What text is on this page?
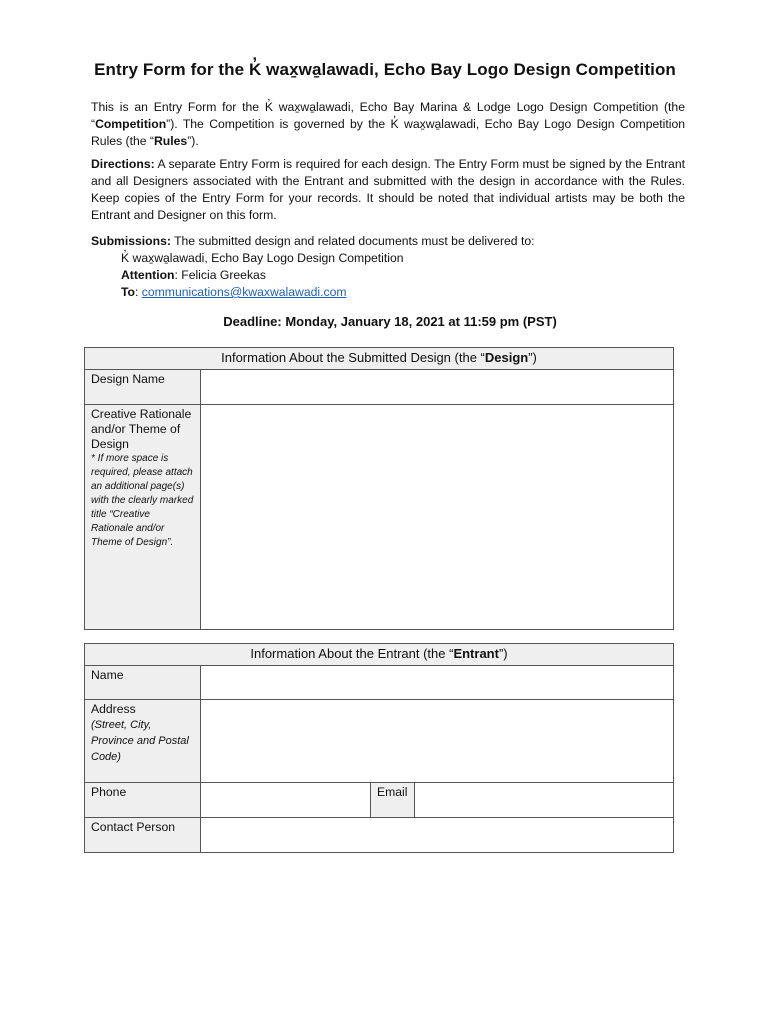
Entry Form for the K̓ wax̱wa̱lawadi, Echo Bay Logo Design Competition

This is an Entry Form for the K̓ wax̱wa̱lawadi, Echo Bay Marina & Lodge Logo Design Competition (the “Competition”). The Competition is governed by the K̓ wax̱wa̱lawadi, Echo Bay Logo Design Competition Rules (the “Rules”).

Directions: A separate Entry Form is required for each design. The Entry Form must be signed by the Entrant and all Designers associated with the Entrant and submitted with the design in accordance with the Rules. Keep copies of the Entry Form for your records. It should be noted that individual artists may be both the Entrant and Designer on this form.

Submissions: The submitted design and related documents must be delivered to:
K̓ wax̱wa̱lawadi, Echo Bay Logo Design Competition
Attention: Felicia Greekas
To: communications@kwaxwalawadi.com
Deadline: Monday, January 18, 2021 at 11:59 pm (PST)
Information About the Submitted Design (the “Design”)	
Design Name	

Creative Rationale and/or Theme of Design
* If more space is required, please attach an additional page(s) with the clearly marked title “Creative Rationale and/or Theme of Design”.	

Information About the Entrant (the “Entrant”)			
Name			

Address
(Street, City, Province and Postal Code)			

Phone		Email	
Contact Person			
